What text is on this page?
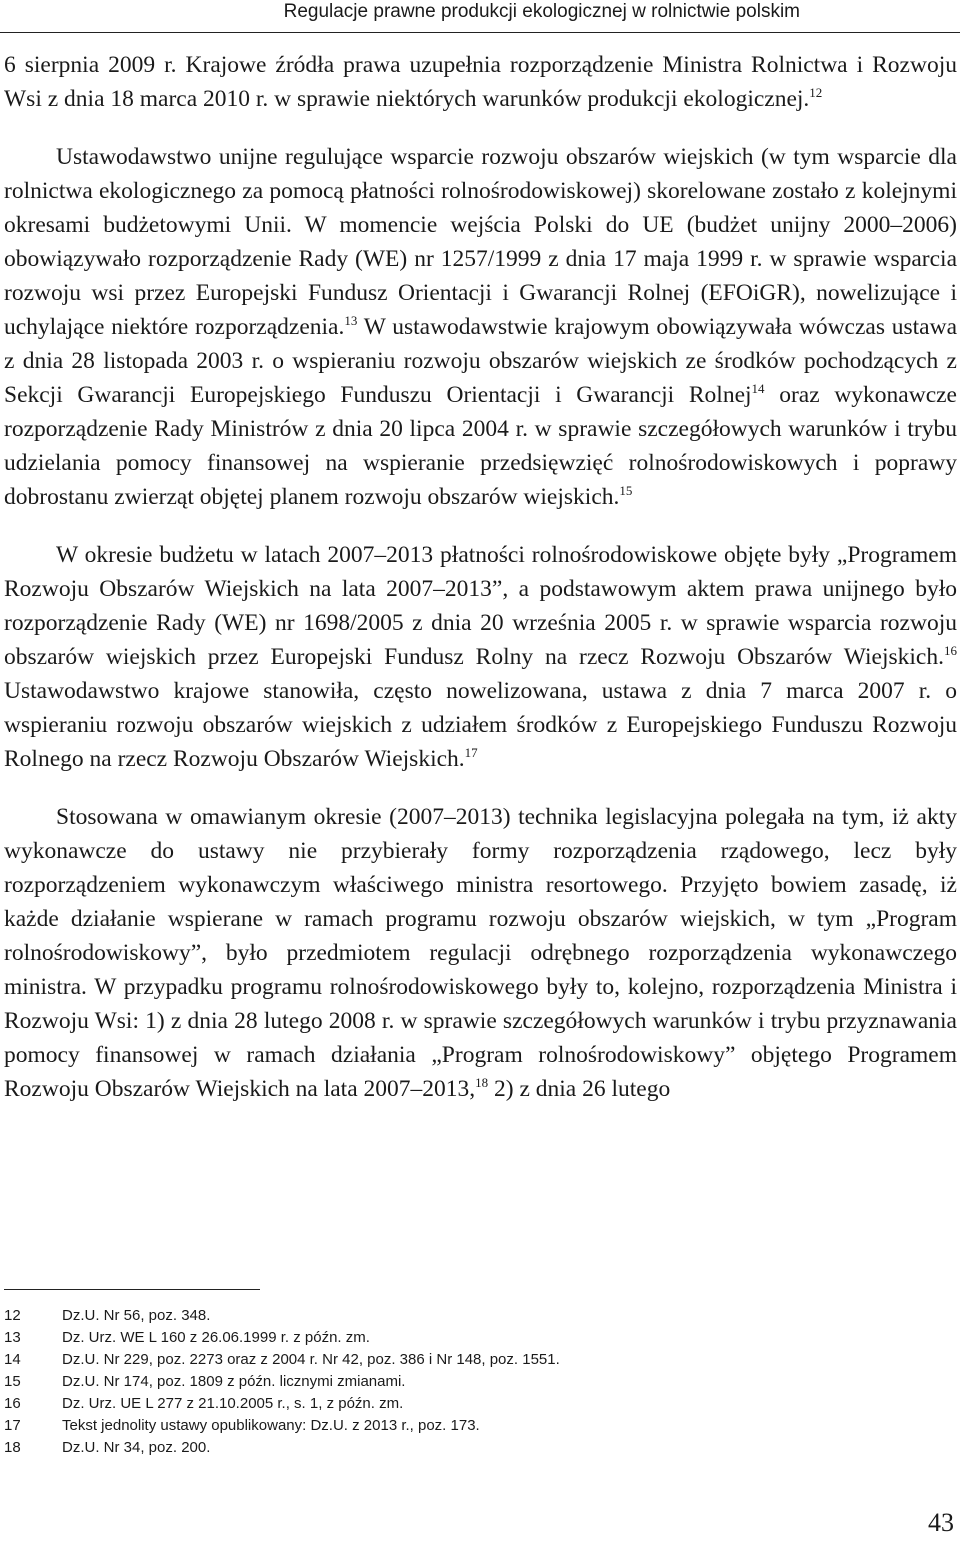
Regulacje prawne produkcji ekologicznej w rolnictwie polskim

6 sierpnia 2009 r. Krajowe źródła prawa uzupełnia rozporządzenie Ministra Rolnictwa i Rozwoju Wsi z dnia 18 marca 2010 r. w sprawie niektórych warunków produkcji ekologicznej.$^{12}$

Ustawodawstwo unijne regulujące wsparcie rozwoju obszarów wiejskich (w tym wsparcie dla rolnictwa ekologicznego za pomocą płatności rolnośrodowiskowej) skorelowane zostało z kolejnymi okresami budżetowymi Unii. W momencie wejścia Polski do UE (budżet unijny 2000–2006) obowiązywało rozporządzenie Rady (WE) nr 1257/1999 z dnia 17 maja 1999 r. w sprawie wsparcia rozwoju wsi przez Europejski Fundusz Orientacji i Gwarancji Rolnej (EFOiGR), nowelizujące i uchylające niektóre rozporządzenia.$^{13}$ W ustawodawstwie krajowym obowiązywała wówczas ustawa z dnia 28 listopada 2003 r. o wspieraniu rozwoju obszarów wiejskich ze środków pochodzących z Sekcji Gwarancji Europejskiego Funduszu Orientacji i Gwarancji Rolnej$^{14}$ oraz wykonawcze rozporządzenie Rady Ministrów z dnia 20 lipca 2004 r. w sprawie szczegółowych warunków i trybu udzielania pomocy finansowej na wspieranie przedsięwzięć rolnośrodowiskowych i poprawy dobrostanu zwierząt objętej planem rozwoju obszarów wiejskich.$^{15}$

W okresie budżetu w latach 2007–2013 płatności rolnośrodowiskowe objęte były „Programem Rozwoju Obszarów Wiejskich na lata 2007–2013”, a podstawowym aktem prawa unijnego było rozporządzenie Rady (WE) nr 1698/2005 z dnia 20 września 2005 r. w sprawie wsparcia rozwoju obszarów wiejskich przez Europejski Fundusz Rolny na rzecz Rozwoju Obszarów Wiejskich.$^{16}$ Ustawodawstwo krajowe stanowiła, często nowelizowana, ustawa z dnia 7 marca 2007 r. o wspieraniu rozwoju obszarów wiejskich z udziałem środków z Europejskiego Funduszu Rozwoju Rolnego na rzecz Rozwoju Obszarów Wiejskich.$^{17}$

Stosowana w omawianym okresie (2007–2013) technika legislacyjna polegała na tym, iż akty wykonawcze do ustawy nie przybierały formy rozporządzenia rządowego, lecz były rozporządzeniem wykonawczym właściwego ministra resortowego. Przyjęto bowiem zasadę, iż każde działanie wspierane w ramach programu rozwoju obszarów wiejskich, w tym „Program rolnośrodowiskowy”, było przedmiotem regulacji odrębnego rozporządzenia wykonawczego ministra. W przypadku programu rolnośrodowiskowego były to, kolejno, rozporządzenia Ministra i Rozwoju Wsi: 1) z dnia 28 lutego 2008 r. w sprawie szczegółowych warunków i trybu przyznawania pomocy finansowej w ramach działania „Program rolnośrodowiskowy” objętego Programem Rozwoju Obszarów Wiejskich na lata 2007–2013,18 2) z dnia 26 lutego

12	Dz.U. Nr 56, poz. 348.
13	Dz. Urz. WE L 160 z 26.06.1999 r. z późn. zm.
14	Dz.U. Nr 229, poz. 2273 oraz z 2004 r. Nr 42, poz. 386 i Nr 148, poz. 1551.
15	Dz.U. Nr 174, poz. 1809 z późn. licznymi zmianami.
16	Dz. Urz. UE L 277 z 21.10.2005 r., s. 1, z późn. zm.
17	Tekst jednolity ustawy opublikowany: Dz.U. z 2013 r., poz. 173.
18	Dz.U. Nr 34, poz. 200.
43
